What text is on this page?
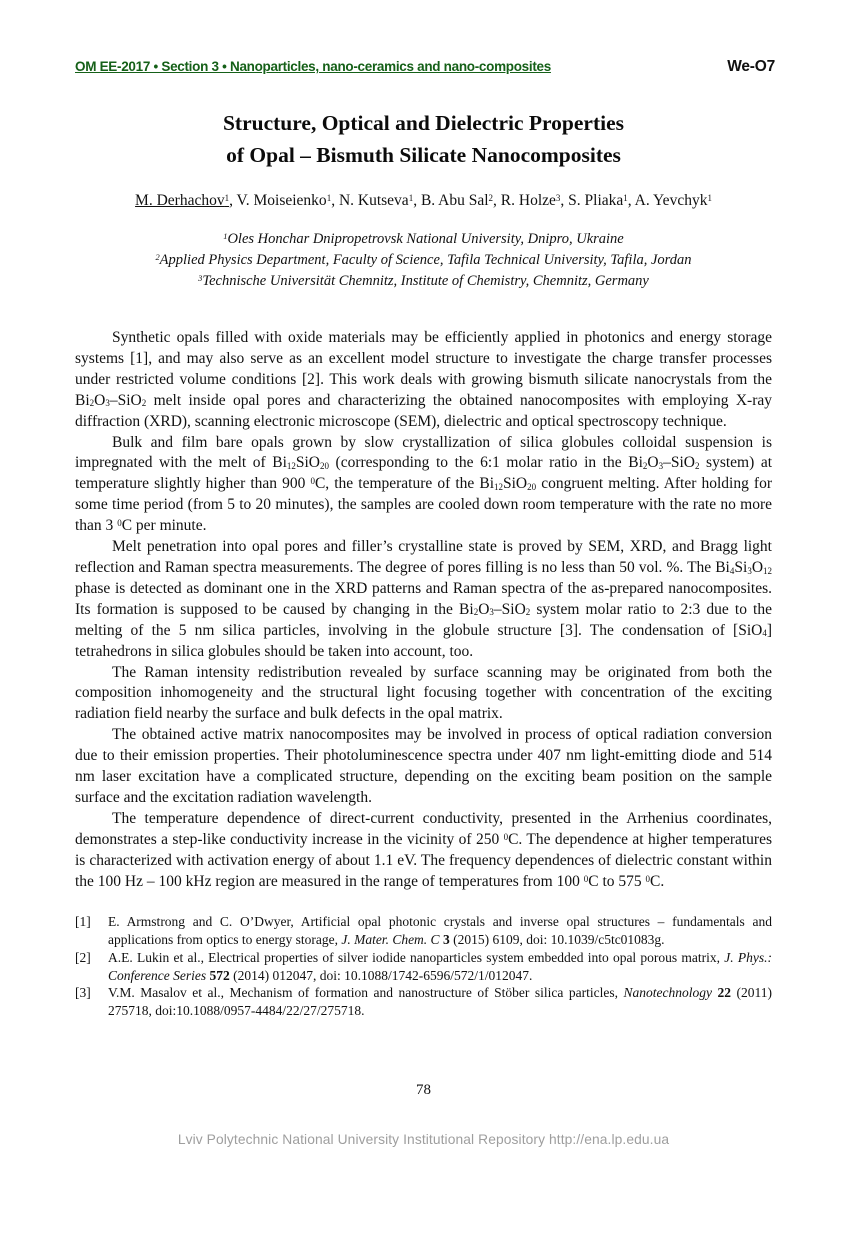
OM EE-2017 • Section 3 • Nanoparticles, nano-ceramics and nano-composites	We-O7
Structure, Optical and Dielectric Properties
of Opal – Bismuth Silicate Nanocomposites
M. Derhachov$^1$, V. Moiseienko$^1$, N. Kutseva$^1$, B. Abu Sal$^2$, R. Holze$^3$, S. Pliaka$^1$, A. Yevchyk$^1$
$^1$Oles Honchar Dnipropetrovsk National University, Dnipro, Ukraine
$^2$Applied Physics Department, Faculty of Science, Tafila Technical University, Tafila, Jordan
$^3$Technische Universität Chemnitz, Institute of Chemistry, Chemnitz, Germany

Synthetic opals filled with oxide materials may be efficiently applied in photonics and energy storage systems [1], and may also serve as an excellent model structure to investigate the charge transfer processes under restricted volume conditions [2]. This work deals with growing bismuth silicate nanocrystals from the $Bi_2O_3-SiO_2$ melt inside opal pores and characterizing the obtained nanocomposites with employing X-ray diffraction (XRD), scanning electronic microscope (SEM), dielectric and optical spectroscopy technique.

Bulk and film bare opals grown by slow crystallization of silica globules colloidal suspension is impregnated with the melt of $Bi_{12}SiO_{20}$ (corresponding to the 6:1 molar ratio in the $Bi_2O_3-SiO_2$ system) at temperature slightly higher than 900 $^0$C, the temperature of the $Bi_{12}SiO_{20}$ congruent melting. After holding for some time period (from 5 to 20 minutes), the samples are cooled down room temperature with the rate no more than 3 $^0$C per minute.

Melt penetration into opal pores and filler’s crystalline state is proved by SEM, XRD, and Bragg light reflection and Raman spectra measurements. The degree of pores filling is no less than 50 vol. %. The $Bi_4Si_3O_{12}$ phase is detected as dominant one in the XRD patterns and Raman spectra of the as-prepared nanocomposites. Its formation is supposed to be caused by changing in the $Bi_2O_3-SiO_2$ system molar ratio to 2:3 due to the melting of the 5 nm silica particles, involving in the globule structure [3]. The condensation of [SiO$_4$] tetrahedrons in silica globules should be taken into account, too.

The Raman intensity redistribution revealed by surface scanning may be originated from both the composition inhomogeneity and the structural light focusing together with concentration of the exciting radiation field nearby the surface and bulk defects in the opal matrix.

The obtained active matrix nanocomposites may be involved in process of optical radiation conversion due to their emission properties. Their photoluminescence spectra under 407 nm light-emitting diode and 514 nm laser excitation have a complicated structure, depending on the exciting beam position on the sample surface and the excitation radiation wavelength.

The temperature dependence of direct-current conductivity, presented in the Arrhenius coordinates, demonstrates a step-like conductivity increase in the vicinity of 250 $^0$C. The dependence at higher temperatures is characterized with activation energy of about 1.1 eV. The frequency dependences of dielectric constant within the 100 Hz – 100 kHz region are measured in the range of temperatures from 100 $^0$C to 575 $^0$C.

[1] E. Armstrong and C. O’Dwyer, Artificial opal photonic crystals and inverse opal structures – fundamentals and applications from optics to energy storage, J. Mater. Chem. C 3 (2015) 6109, doi: 10.1039/c5tc01083g.
[2] A.E. Lukin et al., Electrical properties of silver iodide nanoparticles system embedded into opal porous matrix, J. Phys.: Conference Series 572 (2014) 012047, doi: 10.1088/1742-6596/572/1/012047.
[3] V.M. Masalov et al., Mechanism of formation and nanostructure of Stöber silica particles, Nanotechnology 22 (2011) 275718, doi:10.1088/0957-4484/22/27/275718.
78
Lviv Polytechnic National University Institutional Repository http://ena.lp.edu.ua
